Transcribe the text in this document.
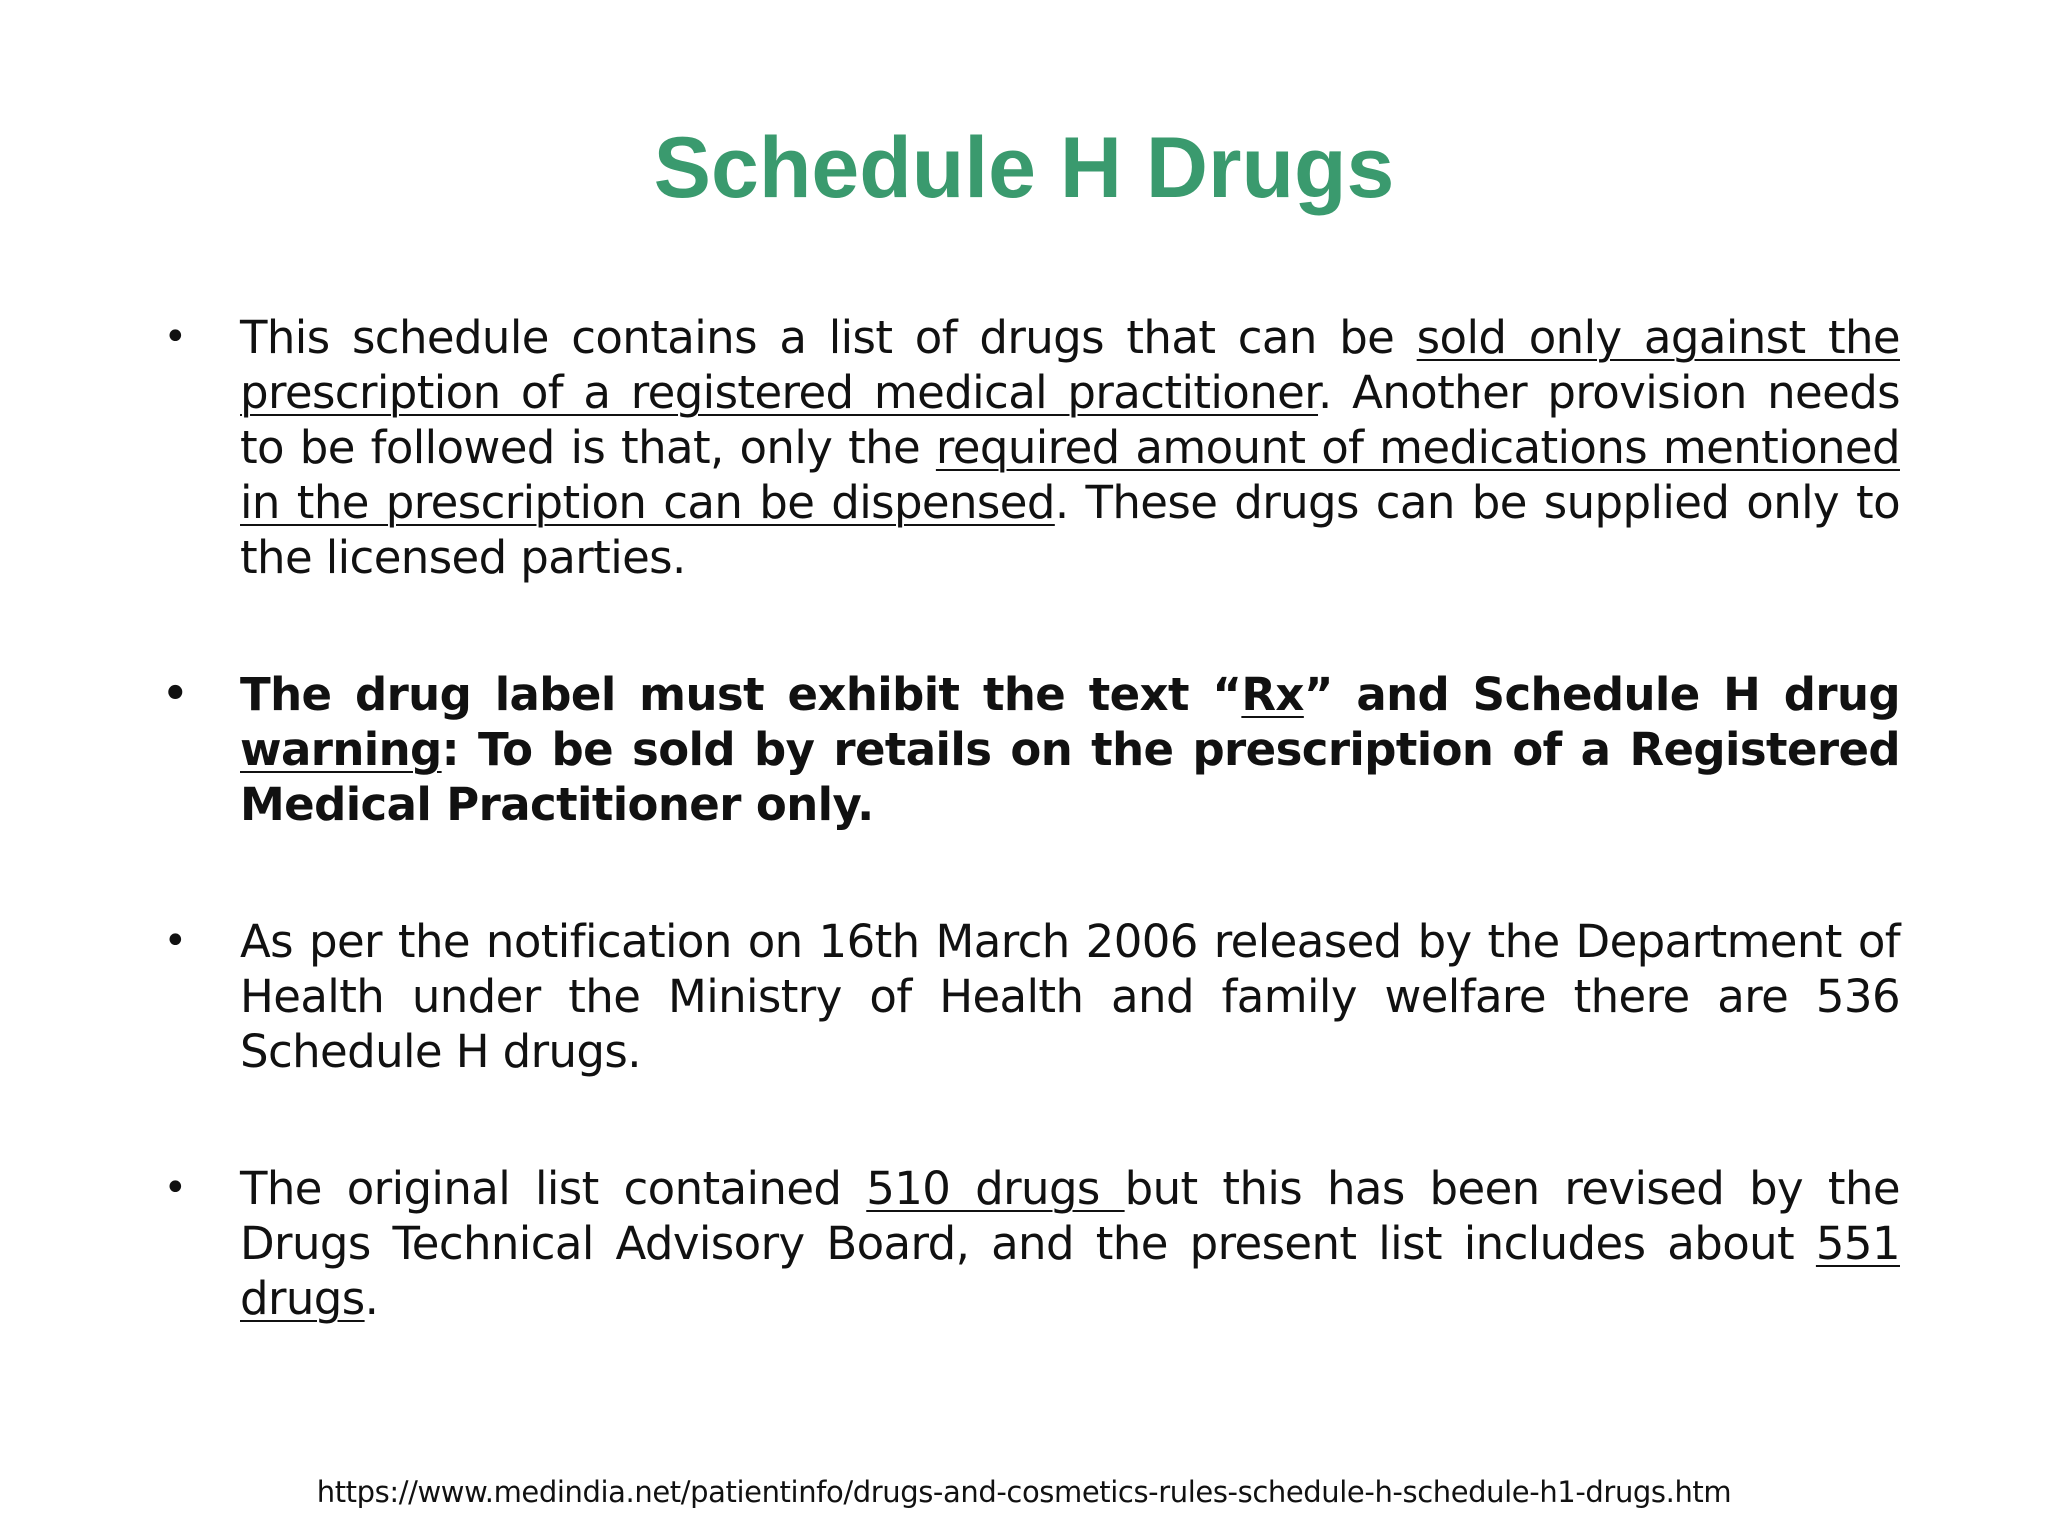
Schedule H Drugs
• This schedule contains a list of drugs that can be sold only against the prescription of a registered medical practitioner. Another provision needs to be followed is that, only the required amount of medications mentioned in the prescription can be dispensed. These drugs can be supplied only to the licensed parties.
• The drug label must exhibit the text “Rx” and Schedule H drug warning: To be sold by retails on the prescription of a Registered Medical Practitioner only.
• As per the notification on 16th March 2006 released by the Department of Health under the Ministry of Health and family welfare there are 536 Schedule H drugs.
• The original list contained 510 drugs but this has been revised by the Drugs Technical Advisory Board, and the present list includes about 551 drugs.
https://www.medindia.net/patientinfo/drugs-and-cosmetics-rules-schedule-h-schedule-h1-drugs.htm
